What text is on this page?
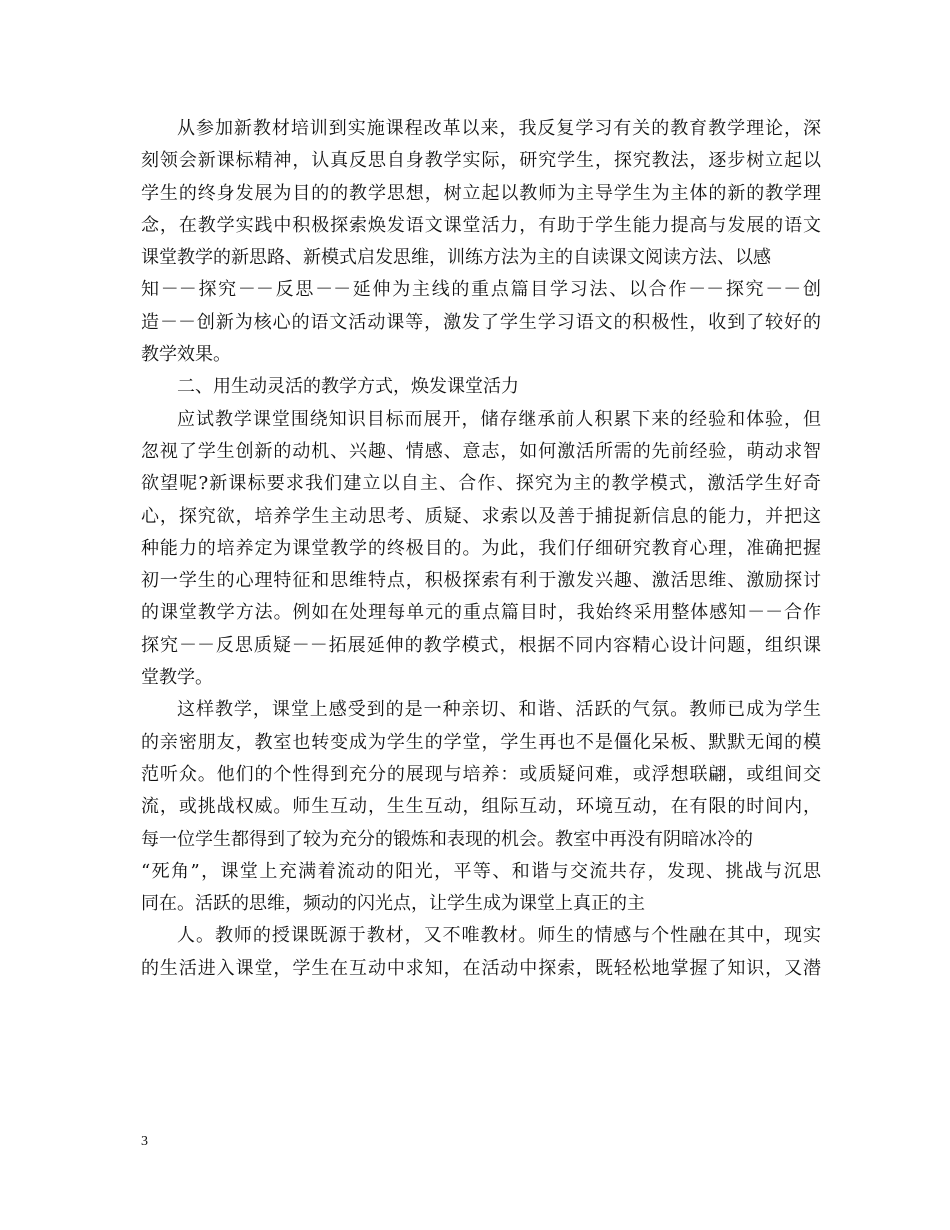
从参加新教材培训到实施课程改革以来，我反复学习有关的教育教学理论，深
刻领会新课标精神，认真反思自身教学实际，研究学生，探究教法，逐步树立起以
学生的终身发展为目的的教学思想，树立起以教师为主导学生为主体的新的教学理
念，在教学实践中积极探索焕发语文课堂活力，有助于学生能力提高与发展的语文
课堂教学的新思路、新模式启发思维，训练方法为主的自读课文阅读方法、以感
知－－探究－－反思－－延伸为主线的重点篇目学习法、以合作－－探究－－创
造－－创新为核心的语文活动课等，激发了学生学习语文的积极性，收到了较好的
教学效果。
二、用生动灵活的教学方式，焕发课堂活力
应试教学课堂围绕知识目标而展开，储存继承前人积累下来的经验和体验，但
忽视了学生创新的动机、兴趣、情感、意志，如何激活所需的先前经验，萌动求智
欲望呢?新课标要求我们建立以自主、合作、探究为主的教学模式，激活学生好奇
心，探究欲，培养学生主动思考、质疑、求索以及善于捕捉新信息的能力，并把这
种能力的培养定为课堂教学的终极目的。为此，我们仔细研究教育心理，准确把握
初一学生的心理特征和思维特点，积极探索有利于激发兴趣、激活思维、激励探讨
的课堂教学方法。例如在处理每单元的重点篇目时，我始终采用整体感知－－合作
探究－－反思质疑－－拓展延伸的教学模式，根据不同内容精心设计问题，组织课
堂教学。
这样教学，课堂上感受到的是一种亲切、和谐、活跃的气氛。教师已成为学生
的亲密朋友，教室也转变成为学生的学堂，学生再也不是僵化呆板、默默无闻的模
范听众。他们的个性得到充分的展现与培养：或质疑问难，或浮想联翩，或组间交
流，或挑战权威。师生互动，生生互动，组际互动，环境互动，在有限的时间内，
每一位学生都得到了较为充分的锻炼和表现的机会。教室中再没有阴暗冰冷的
“死角”，课堂上充满着流动的阳光，平等、和谐与交流共存，发现、挑战与沉思
同在。活跃的思维，频动的闪光点，让学生成为课堂上真正的主
人。教师的授课既源于教材，又不唯教材。师生的情感与个性融在其中，现实
的生活进入课堂，学生在互动中求知，在活动中探索，既轻松地掌握了知识，又潜
3
